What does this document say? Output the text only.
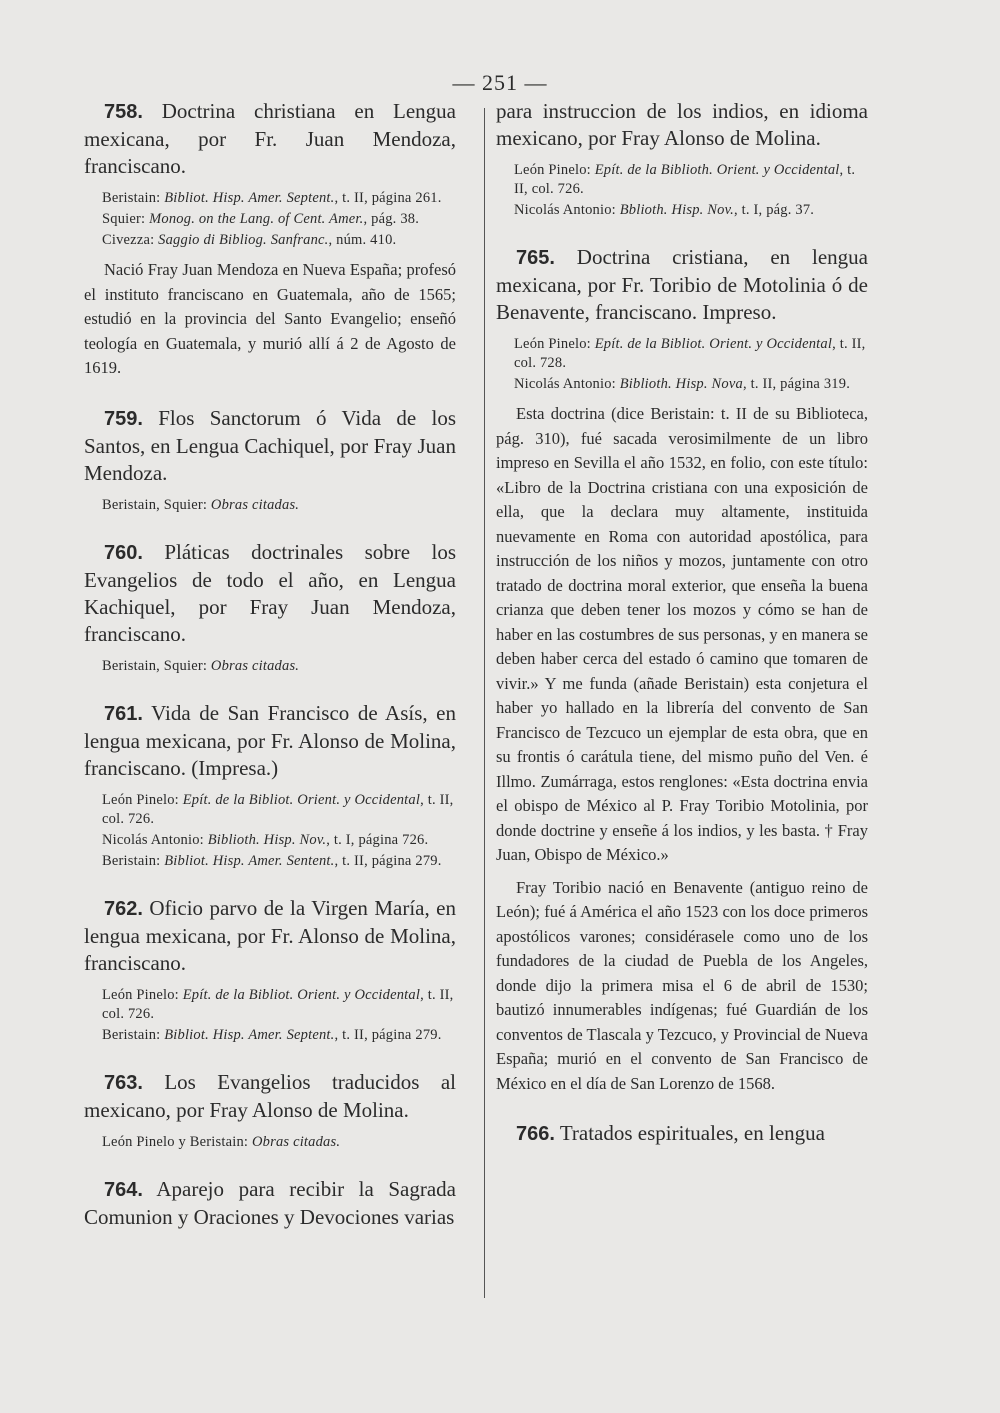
— 251 —

758. Doctrina christiana en Lengua mexicana, por Fr. Juan Mendoza, franciscano.

Beristain: Bibliot. Hisp. Amer. Septent., t. II, página 261.

Squier: Monog. on the Lang. of Cent. Amer., pág. 38.

Civezza: Saggio di Bibliog. Sanfranc., núm. 410.

Nació Fray Juan Mendoza en Nueva España; profesó el instituto franciscano en Guatemala, año de 1565; estudió en la provincia del Santo Evangelio; enseñó teología en Guatemala, y murió allí á 2 de Agosto de 1619.

759. Flos Sanctorum ó Vida de los Santos, en Lengua Cachiquel, por Fray Juan Mendoza.

Beristain, Squier: Obras citadas.

760. Pláticas doctrinales sobre los Evangelios de todo el año, en Lengua Kachiquel, por Fray Juan Mendoza, franciscano.

Beristain, Squier: Obras citadas.

761. Vida de San Francisco de Asís, en lengua mexicana, por Fr. Alonso de Molina, franciscano. (Impresa.)

León Pinelo: Epít. de la Bibliot. Orient. y Occidental, t. II, col. 726.

Nicolás Antonio: Biblioth. Hisp. Nov., t. I, página 726.

Beristain: Bibliot. Hisp. Amer. Sentent., t. II, página 279.

762. Oficio parvo de la Virgen María, en lengua mexicana, por Fr. Alonso de Molina, franciscano.

León Pinelo: Epít. de la Bibliot. Orient. y Occidental, t. II, col. 726.

Beristain: Bibliot. Hisp. Amer. Septent., t. II, página 279.

763. Los Evangelios traducidos al mexicano, por Fray Alonso de Molina.

León Pinelo y Beristain: Obras citadas.

764. Aparejo para recibir la Sagrada Comunion y Oraciones y Devociones varias

para instruccion de los indios, en idioma mexicano, por Fray Alonso de Molina.

León Pinelo: Epít. de la Biblioth. Orient. y Occidental, t. II, col. 726.

Nicolás Antonio: Bblioth. Hisp. Nov., t. I, pág. 37.

765. Doctrina cristiana, en lengua mexicana, por Fr. Toribio de Motolinia ó de Benavente, franciscano. Impreso.

León Pinelo: Epít. de la Bibliot. Orient. y Occidental, t. II, col. 728.

Nicolás Antonio: Biblioth. Hisp. Nova, t. II, página 319.

Esta doctrina (dice Beristain: t. II de su Biblioteca, pág. 310), fué sacada verosimilmente de un libro impreso en Sevilla el año 1532, en folio, con este título: «Libro de la Doctrina cristiana con una exposición de ella, que la declara muy altamente, instituida nuevamente en Roma con autoridad apostólica, para instrucción de los niños y mozos, juntamente con otro tratado de doctrina moral exterior, que enseña la buena crianza que deben tener los mozos y cómo se han de haber en las costumbres de sus personas, y en manera se deben haber cerca del estado ó camino que tomaren de vivir.» Y me funda (añade Beristain) esta conjetura el haber yo hallado en la librería del convento de San Francisco de Tezcuco un ejemplar de esta obra, que en su frontis ó carátula tiene, del mismo puño del Ven. é Illmo. Zumárraga, estos renglones: «Esta doctrina envia el obispo de México al P. Fray Toribio Motolinia, por donde doctrine y enseñe á los indios, y les basta. † Fray Juan, Obispo de México.»

Fray Toribio nació en Benavente (antiguo reino de León); fué á América el año 1523 con los doce primeros apostólicos varones; considérasele como uno de los fundadores de la ciudad de Puebla de los Angeles, donde dijo la primera misa el 6 de abril de 1530; bautizó innumerables indígenas; fué Guardián de los conventos de Tlascala y Tezcuco, y Provincial de Nueva España; murió en el convento de San Francisco de México en el día de San Lorenzo de 1568.

766. Tratados espirituales, en lengua
